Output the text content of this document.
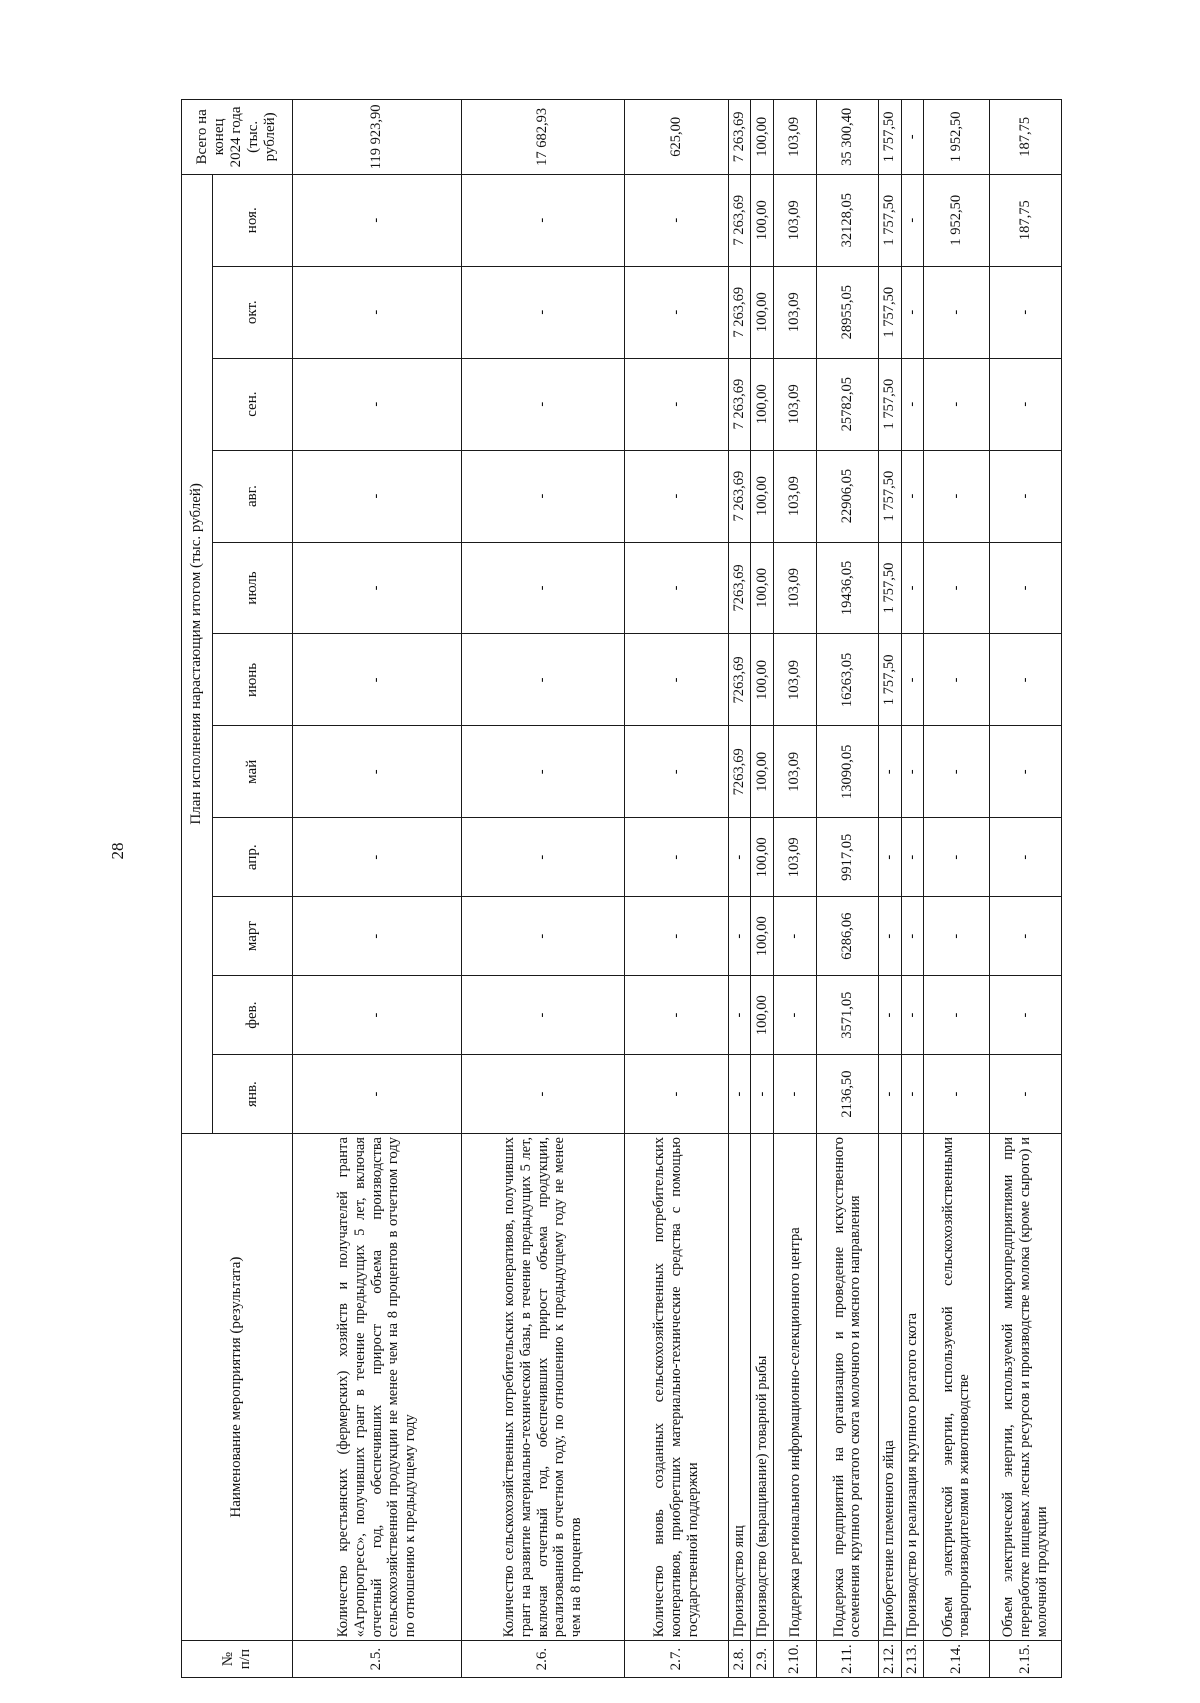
28
№ п/п	Наименование мероприятия (результата)	План исполнения нарастающим итогом (тыс. рублей)											Всего на конец 2024 года (тыс. рублей)
		янв.	фев.	март	апр.	май	июнь	июль	авг.	сен.	окт.	ноя.	
2.5.	Количество крестьянских (фермерских) хозяйств и получателей гранта «Агропрогресс», получивших грант в течение предыдущих 5 лет, включая отчетный год, обеспечивших прирост объема производства сельскохозяйственной продукции не менее чем на 8 процентов в отчетном году по отношению к предыдущему году	-	-	-	-	-	-	-	-	-	-	-	119 923,90
2.6.	Количество сельскохозяйственных потребительских кооперативов, получивших грант на развитие материально-технической базы, в течение предыдущих 5 лет, включая отчетный год, обеспечивших прирост объема продукции, реализованной в отчетном году, по отношению к предыдущему году не менее чем на 8 процентов	-	-	-	-	-	-	-	-	-	-	-	17 682,93
2.7.	Количество вновь созданных сельскохозяйственных потребительских кооперативов, приобретших материально-технические средства с помощью государственной поддержки	-	-	-	-	-	-	-	-	-	-	-	625,00
2.8.	Производство яиц	-	-	-	-	7263,69	7263,69	7263,69	7 263,69	7 263,69	7 263,69	7 263,69	7 263,69
2.9.	Производство (выращивание) товарной рыбы	-	100,00	100,00	100,00	100,00	100,00	100,00	100,00	100,00	100,00	100,00	100,00
2.10.	Поддержка регионального информационно-селекционного центра	-	-	-	103,09	103,09	103,09	103,09	103,09	103,09	103,09	103,09	103,09
2.11.	Поддержка предприятий на организацию и проведение искусственного осеменения крупного рогатого скота молочного и мясного направления	2136,50	3571,05	6286,06	9917,05	13090,05	16263,05	19436,05	22906,05	25782,05	28955,05	32128,05	35 300,40
2.12.	Приобретение племенного яйца	-	-	-	-	-	1 757,50	1 757,50	1 757,50	1 757,50	1 757,50	1 757,50	1 757,50
2.13.	Производство и реализация крупного рогатого скота	-	-	-	-	-	-	-	-	-	-	-	-
2.14.	Объем электрической энергии, используемой сельскохозяйственными товаропроизводителями в животноводстве	-	-	-	-	-	-	-	-	-	-	1 952,50	1 952,50
2.15.	Объем электрической энергии, используемой микропредприятиями при переработке пищевых лесных ресурсов и производстве молока (кроме сырого) и молочной продукции	-	-	-	-	-	-	-	-	-	-	187,75	187,75
